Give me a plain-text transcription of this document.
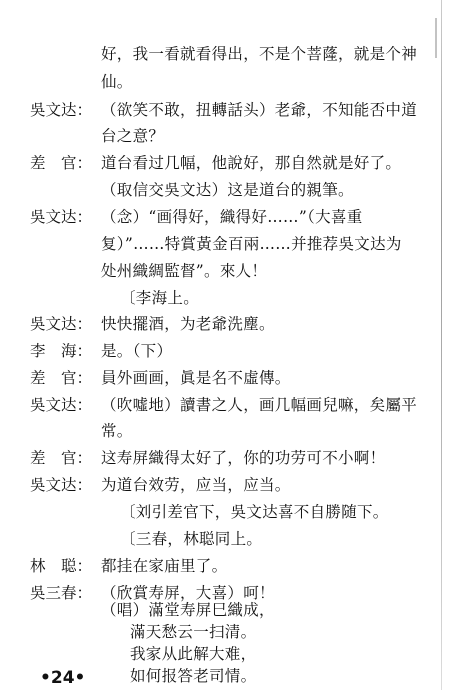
好，我一看就看得出，不是个菩蕯，就是个神
仙。
吳文达： （欲笑不敢，扭轉話头）老爺，不知能否中道
台之意？
差　官： 道台看过几幅，他說好，那自然就是好了。
（取信交吳文达）这是道台的親筆。
吳文达： （念）“画得好，織得好……”（大喜重
复）”……特賞黃金百兩……并推荐吳文达为
处州織綢監督”。來人！
〔李海上。
吳文达： 快快擺酒，为老爺洗塵。
李　海： 是。（下）
差　官： 員外画画，眞是名不虛傳。
吳文达： （吹噓地）讀書之人，画几幅画兒嘛，矣屬平
常。
差　官： 这寿屏織得太好了，你的功劳可不小啊！
吳文达： 为道台效劳，应当，应当。
〔刘引差官下，吳文达喜不自勝随下。
〔三春，林聪同上。
林　聪： 都挂在家庙里了。
吳三春： （欣賞寿屏，大喜）呵！
（唱）滿堂寿屏巳織成，
滿天愁云一扫清。
我家从此解大难，
如何报答老司情。
•24•
